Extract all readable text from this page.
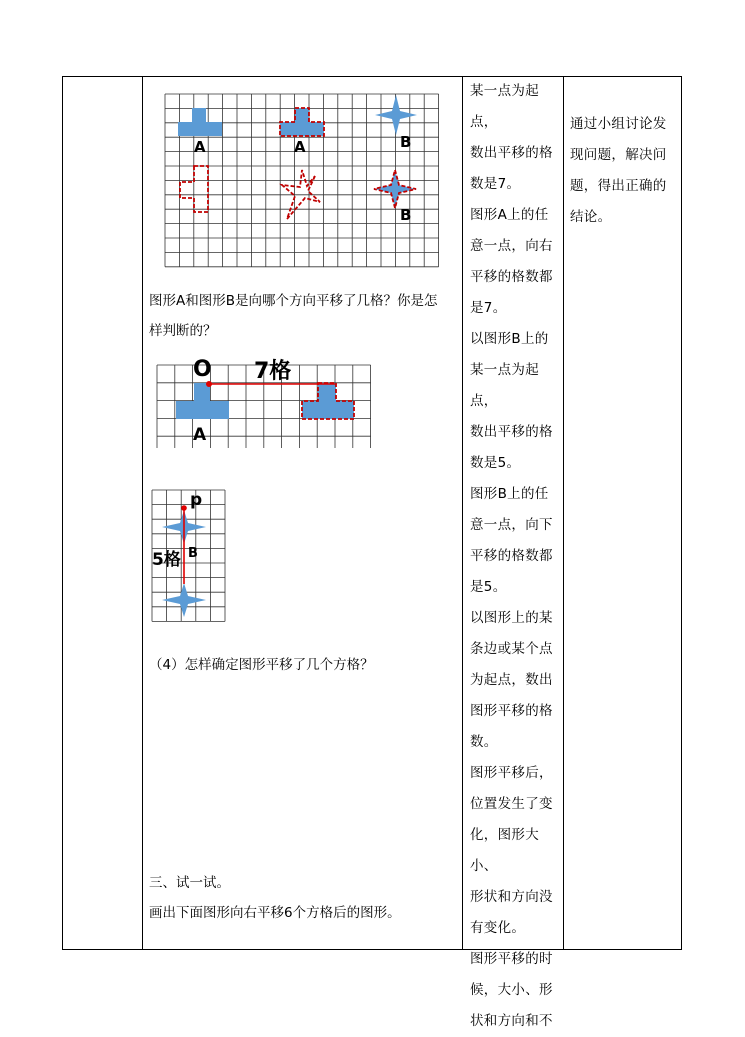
A	A	B
B
图形A和图形B是向哪个方向平移了几格？你是怎
样判断的？
O 7格
A
p
5格 B
（4）怎样确定图形平移了几个方格？
三、试一试。
画出下面图形向右平移6个方格后的图形。
某一点为起点，
数出平移的格
数是7。
图形A上的任
意一点，向右
平移的格数都
是7。
以图形B上的
某一点为起点，
数出平移的格
数是5。
图形B上的任
意一点，向下
平移的格数都
是5。
以图形上的某
条边或某个点
为起点，数出
图形平移的格
数。
图形平移后，
位置发生了变
化，图形大小、
形状和方向没
有变化。
图形平移的时
候，大小、形
状和方向和不
通过小组讨论发
现问题，解决问
题，得出正确的
结论。
